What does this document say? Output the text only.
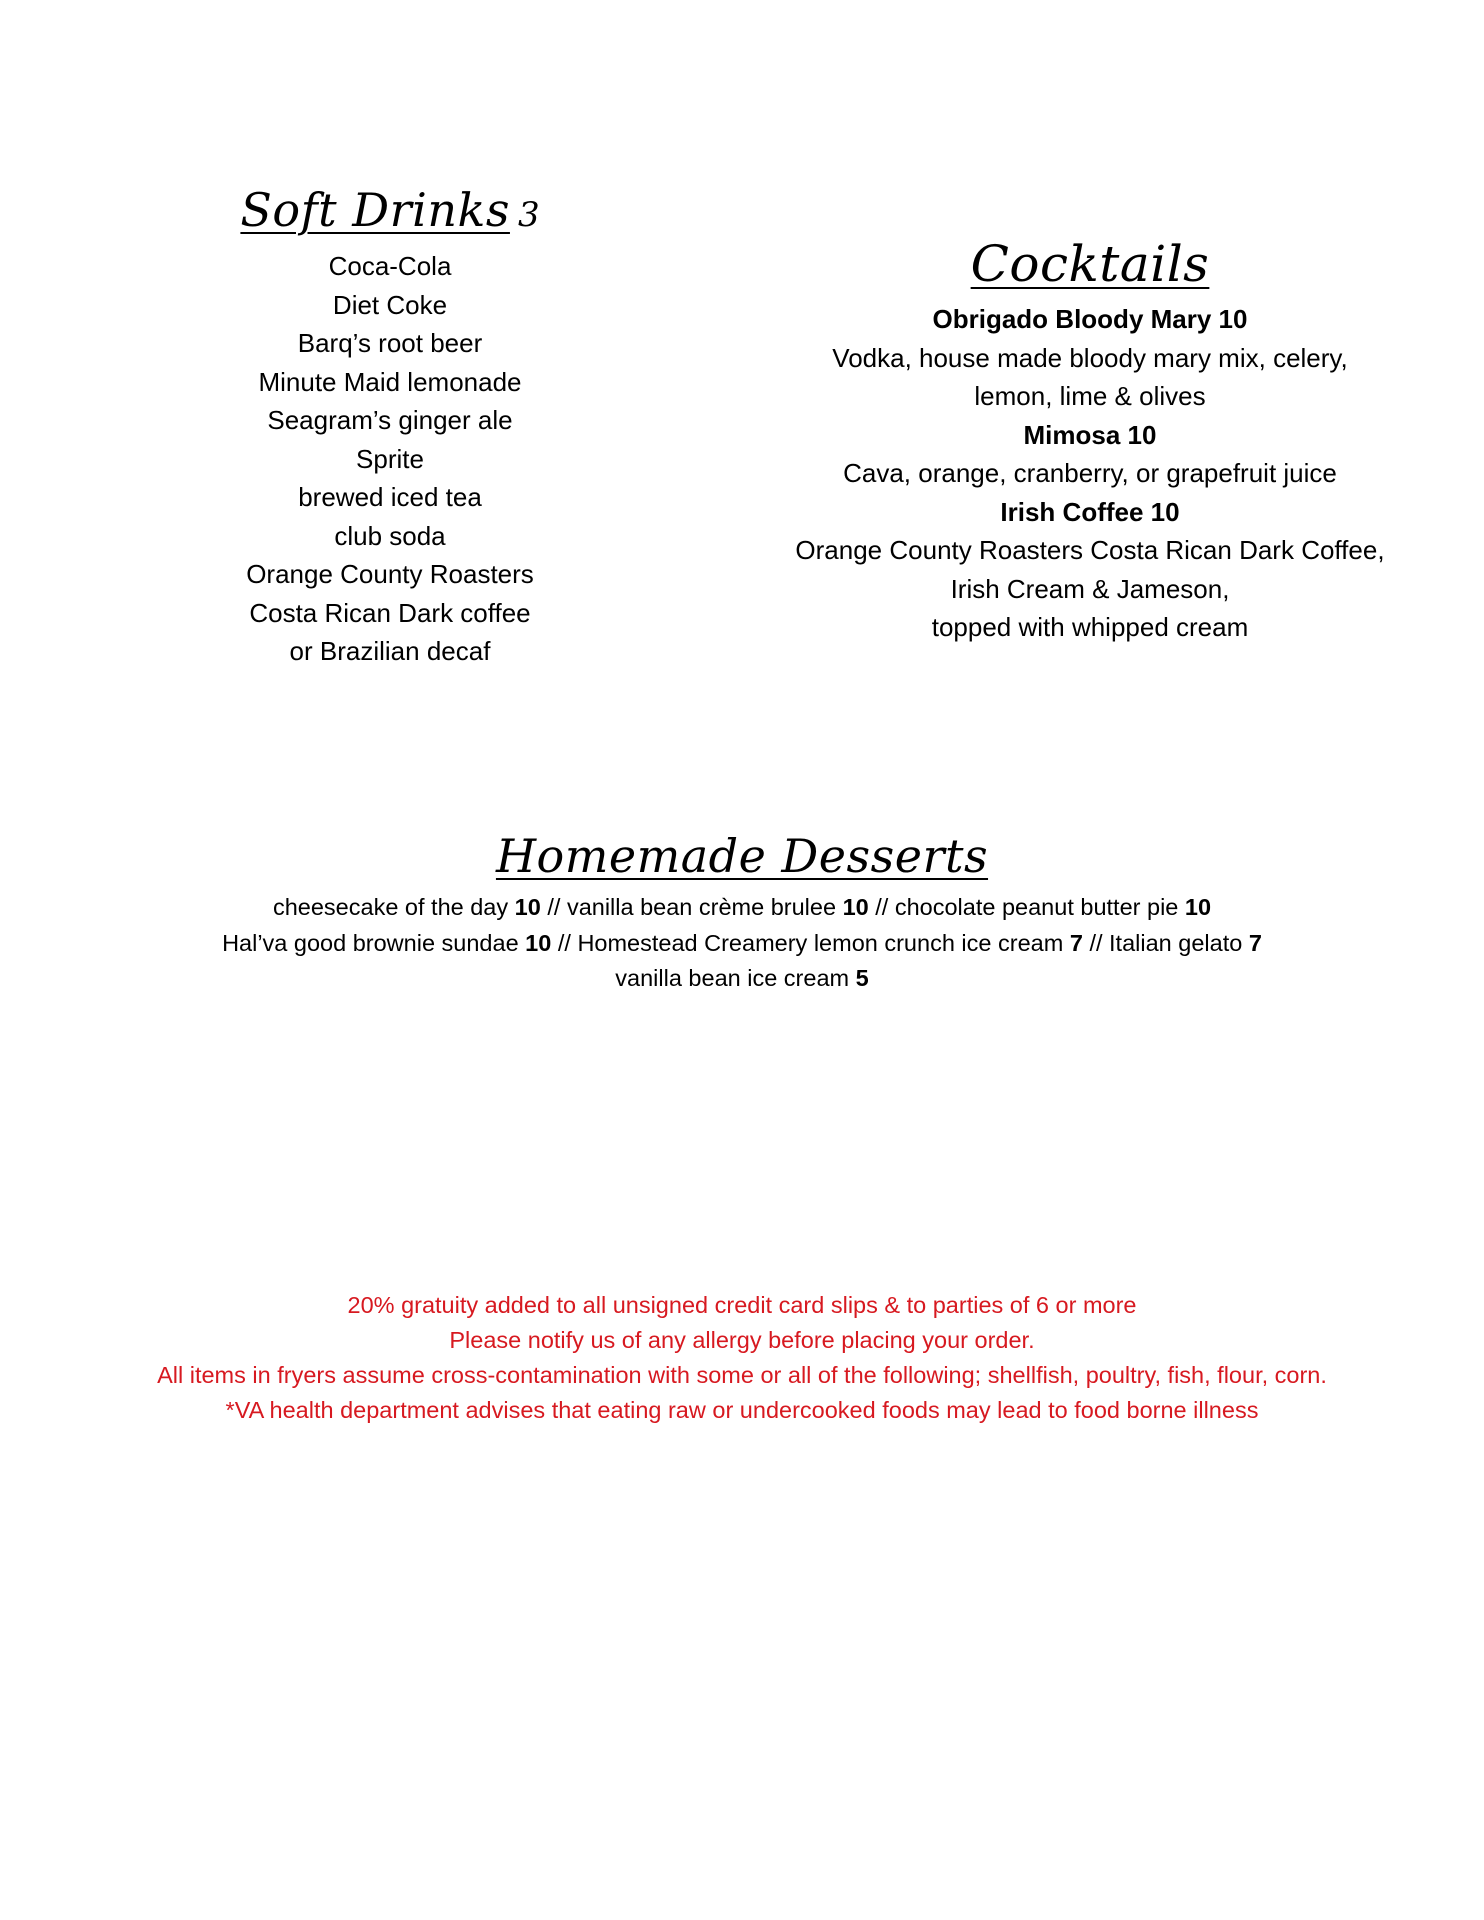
Soft Drinks 3
Coca-Cola
Diet Coke
Barq’s root beer
Minute Maid lemonade
Seagram’s ginger ale
Sprite
brewed iced tea
club soda
Orange County Roasters
Costa Rican Dark coffee
or Brazilian decaf
Cocktails
Obrigado Bloody Mary 10
Vodka, house made bloody mary mix, celery,
lemon, lime & olives
Mimosa 10
Cava, orange, cranberry, or grapefruit juice
Irish Coffee 10
Orange County Roasters Costa Rican Dark Coffee,
Irish Cream & Jameson,
topped with whipped cream
Homemade Desserts
cheesecake of the day 10 // vanilla bean crème brulee 10 // chocolate peanut butter pie 10
Hal’va good brownie sundae 10 // Homestead Creamery lemon crunch ice cream 7 // Italian gelato 7
vanilla bean ice cream 5
20% gratuity added to all unsigned credit card slips & to parties of 6 or more
Please notify us of any allergy before placing your order.
All items in fryers assume cross-contamination with some or all of the following; shellfish, poultry, fish, flour, corn.
*VA health department advises that eating raw or undercooked foods may lead to food borne illness
